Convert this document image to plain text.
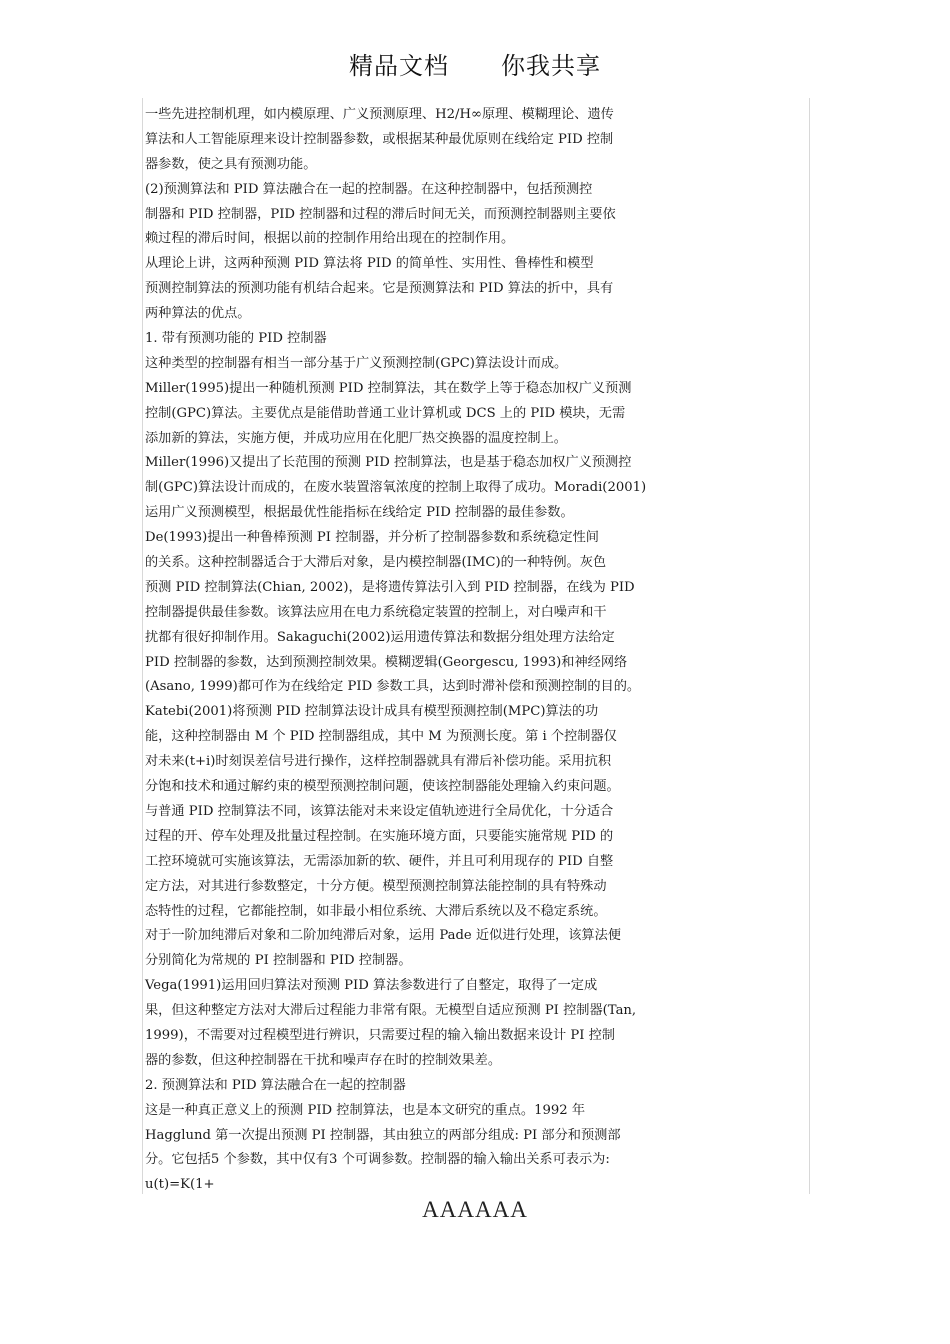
精品文档 你我共享
一些先进控制机理，如内模原理、广义预测原理、H2/H∞原理、模糊理论、遗传
算法和人工智能原理来设计控制器参数，或根据某种最优原则在线给定 PID 控制
器参数，使之具有预测功能。
(2)预测算法和 PID 算法融合在一起的控制器。在这种控制器中，包括预测控
制器和 PID 控制器，PID 控制器和过程的滞后时间无关，而预测控制器则主要依
赖过程的滞后时间，根据以前的控制作用给出现在的控制作用。
从理论上讲，这两种预测 PID 算法将 PID 的简单性、实用性、鲁棒性和模型
预测控制算法的预测功能有机结合起来。它是预测算法和 PID 算法的折中，具有
两种算法的优点。
1. 带有预测功能的 PID 控制器
这种类型的控制器有相当一部分基于广义预测控制(GPC)算法设计而成。
Miller(1995)提出一种随机预测 PID 控制算法，其在数学上等于稳态加权广义预测
控制(GPC)算法。主要优点是能借助普通工业计算机或 DCS 上的 PID 模块，无需
添加新的算法，实施方便，并成功应用在化肥厂热交换器的温度控制上。
Miller(1996)又提出了长范围的预测 PID 控制算法，也是基于稳态加权广义预测控
制(GPC)算法设计而成的，在废水装置溶氧浓度的控制上取得了成功。Moradi(2001)
运用广义预测模型，根据最优性能指标在线给定 PID 控制器的最佳参数。
De(1993)提出一种鲁棒预测 PI 控制器，并分析了控制器参数和系统稳定性间
的关系。这种控制器适合于大滞后对象，是内模控制器(IMC)的一种特例。灰色
预测 PID 控制算法(Chian, 2002)，是将遗传算法引入到 PID 控制器，在线为 PID
控制器提供最佳参数。该算法应用在电力系统稳定装置的控制上，对白噪声和干
扰都有很好抑制作用。Sakaguchi(2002)运用遗传算法和数据分组处理方法给定
PID 控制器的参数，达到预测控制效果。模糊逻辑(Georgescu, 1993)和神经网络
(Asano, 1999)都可作为在线给定 PID 参数工具，达到时滞补偿和预测控制的目的。
Katebi(2001)将预测 PID 控制算法设计成具有模型预测控制(MPC)算法的功
能，这种控制器由 M 个 PID 控制器组成，其中 M 为预测长度。第 i 个控制器仅
对未来(t+i)时刻误差信号进行操作，这样控制器就具有滞后补偿功能。采用抗积
分饱和技术和通过解约束的模型预测控制问题，使该控制器能处理输入约束问题。
与普通 PID 控制算法不同，该算法能对未来设定值轨迹进行全局优化，十分适合
过程的开、停车处理及批量过程控制。在实施环境方面，只要能实施常规 PID 的
工控环境就可实施该算法，无需添加新的软、硬件，并且可利用现存的 PID 自整
定方法，对其进行参数整定，十分方便。模型预测控制算法能控制的具有特殊动
态特性的过程，它都能控制，如非最小相位系统、大滞后系统以及不稳定系统。
对于一阶加纯滞后对象和二阶加纯滞后对象，运用 Pade 近似进行处理，该算法便
分别简化为常规的 PI 控制器和 PID 控制器。
Vega(1991)运用回归算法对预测 PID 算法参数进行了自整定，取得了一定成
果，但这种整定方法对大滞后过程能力非常有限。无模型自适应预测 PI 控制器(Tan,
1999)，不需要对过程模型进行辨识，只需要过程的输入输出数据来设计 PI 控制
器的参数，但这种控制器在干扰和噪声存在时的控制效果差。
2. 预测算法和 PID 算法融合在一起的控制器
这是一种真正意义上的预测 PID 控制算法，也是本文研究的重点。1992 年
Hagglund 第一次提出预测 PI 控制器，其由独立的两部分组成: PI 部分和预测部
分。它包括5 个参数，其中仅有3 个可调参数。控制器的输入输出关系可表示为:
u(t)=K(1+
AAAAAA
